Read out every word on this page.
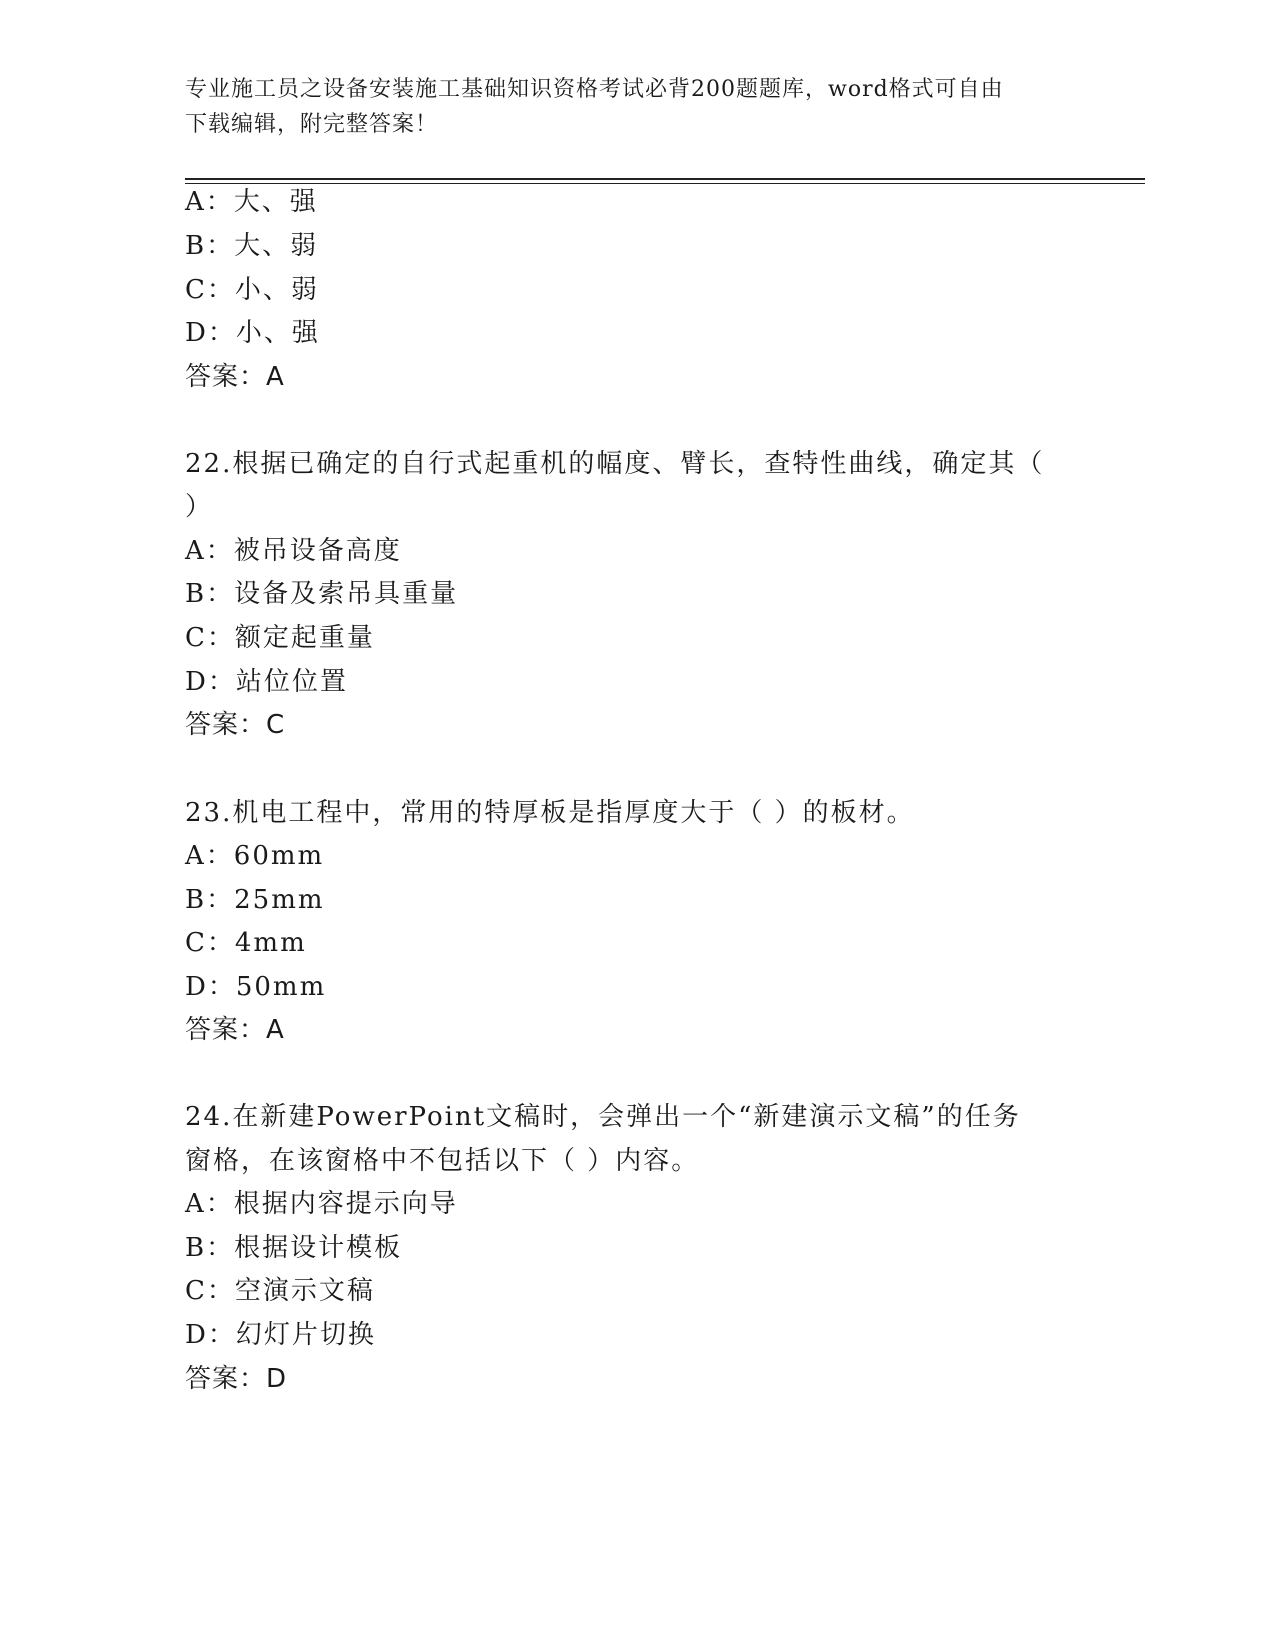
专业施工员之设备安装施工基础知识资格考试必背200题题库，word格式可自由
下载编辑，附完整答案！
A：大、强
B：大、弱
C：小、弱
D：小、强
答案：A
22.根据已确定的自行式起重机的幅度、臂长，查特性曲线，确定其（
）
A：被吊设备高度
B：设备及索吊具重量
C：额定起重量
D：站位位置
答案：C
23.机电工程中，常用的特厚板是指厚度大于（ ）的板材。
A：60mm
B：25mm
C：4mm
D：50mm
答案：A
24.在新建PowerPoint文稿时，会弹出一个“新建演示文稿”的任务
窗格，在该窗格中不包括以下（ ）内容。
A：根据内容提示向导
B：根据设计模板
C：空演示文稿
D：幻灯片切换
答案：D
